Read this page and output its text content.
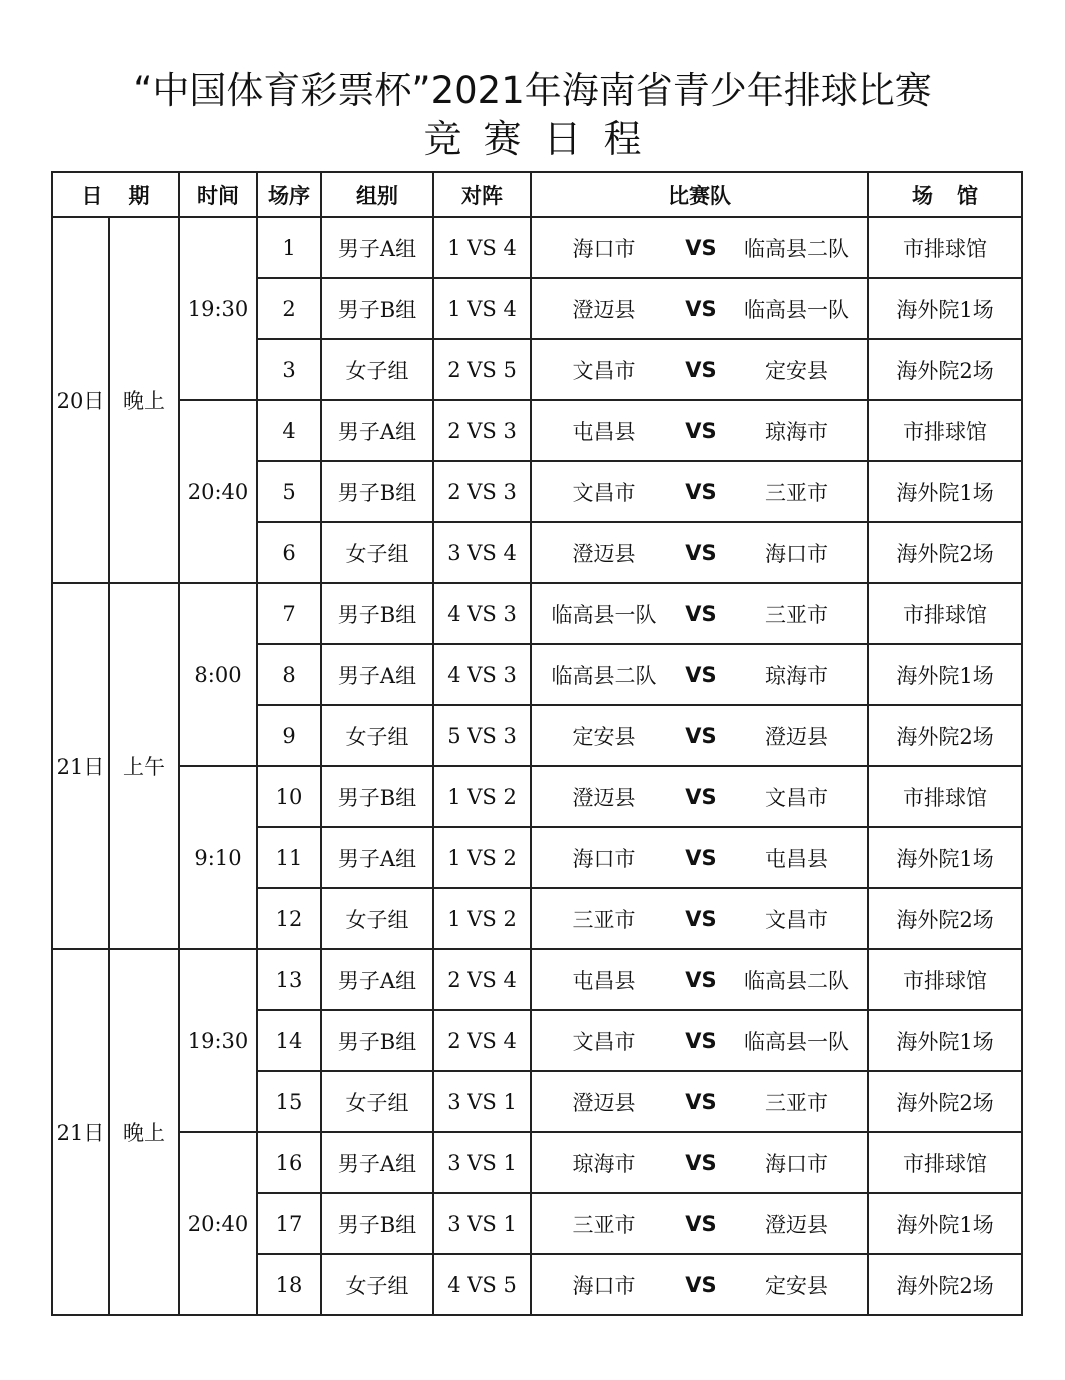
“中国体育彩票杯”2021年海南省青少年排球比赛
竞赛日程
日期		时间	场序	组别	对阵	比赛队			场馆
20日	晚上	19:30	1	男子A组	1 VS 4	海口市	VS	临高县二队	市排球馆
			2	男子B组	1 VS 4	澄迈县	VS	临高县一队	海外院1场
			3	女子组	2 VS 5	文昌市	VS	定安县	海外院2场
		20:40	4	男子A组	2 VS 3	屯昌县	VS	琼海市	市排球馆
			5	男子B组	2 VS 3	文昌市	VS	三亚市	海外院1场
			6	女子组	3 VS 4	澄迈县	VS	海口市	海外院2场
21日	上午	8:00	7	男子B组	4 VS 3	临高县一队	VS	三亚市	市排球馆
			8	男子A组	4 VS 3	临高县二队	VS	琼海市	海外院1场
			9	女子组	5 VS 3	定安县	VS	澄迈县	海外院2场
		9:10	10	男子B组	1 VS 2	澄迈县	VS	文昌市	市排球馆
			11	男子A组	1 VS 2	海口市	VS	屯昌县	海外院1场
			12	女子组	1 VS 2	三亚市	VS	文昌市	海外院2场
21日	晚上	19:30	13	男子A组	2 VS 4	屯昌县	VS	临高县二队	市排球馆
			14	男子B组	2 VS 4	文昌市	VS	临高县一队	海外院1场
			15	女子组	3 VS 1	澄迈县	VS	三亚市	海外院2场
		20:40	16	男子A组	3 VS 1	琼海市	VS	海口市	市排球馆
			17	男子B组	3 VS 1	三亚市	VS	澄迈县	海外院1场
			18	女子组	4 VS 5	海口市	VS	定安县	海外院2场
